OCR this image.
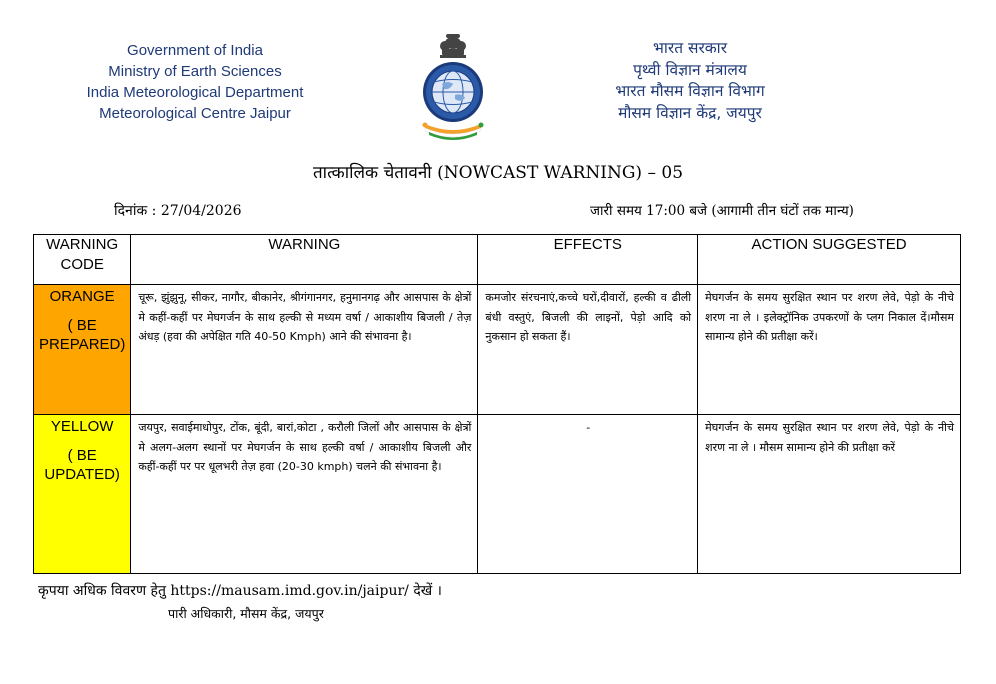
Government of India
Ministry of Earth Sciences
India Meteorological Department
Meteorological Centre Jaipur
भारत सरकार
पृथ्वी विज्ञान मंत्रालय
भारत मौसम विज्ञान विभाग
मौसम विज्ञान केंद्र, जयपुर
तात्कालिक चेतावनी (NOWCAST WARNING) – 05
दिनांक : 27/04/2026	जारी समय 17:00 बजे (आगामी तीन घंटों तक मान्य)
WARNING CODE	WARNING	EFFECTS	ACTION SUGGESTED

ORANGE
( BE PREPARED)	चूरू, झुंझुनू, सीकर, नागौर, बीकानेर, श्रीगंगानगर, हनुमानगढ़ और आसपास के क्षेत्रों मे कहीं-कहीं पर मेघगर्जन के साथ हल्की से मध्यम वर्षा / आकाशीय बिजली / तेज़ अंधड़ (हवा की अपेक्षित गति 40-50 Kmph) आने की संभावना है।	कमजोर संरचनाएं,कच्चे घरों,दीवारों, हल्की व ढीली बंधी वस्तुएं, बिजली की लाइनों, पेड़ो आदि को नुकसान हो सकता हैं।	मेघगर्जन के समय सुरक्षित स्थान पर शरण लेवे, पेड़ो के नीचे शरण ना ले । इलेक्ट्रॉनिक उपकरणों के प्लग निकाल दें।मौसम सामान्य होने की प्रतीक्षा करें।

YELLOW
( BE UPDATED)	जयपुर, सवाईमाधोपुर, टोंक, बूंदी, बारां,कोटा , करौली जिलों और आसपास के क्षेत्रों मे अलग-अलग स्थानों पर मेघगर्जन के साथ हल्की वर्षा / आकाशीय बिजली और कहीं-कहीं पर पर धूलभरी तेज़ हवा (20-30 kmph) चलने की संभावना है।	-	मेघगर्जन के समय सुरक्षित स्थान पर शरण लेवे, पेड़ो के नीचे शरण ना ले । मौसम सामान्य होने की प्रतीक्षा करें
कृपया अधिक विवरण हेतु https://mausam.imd.gov.in/jaipur/ देखें ।
पारी अधिकारी, मौसम केंद्र, जयपुर
